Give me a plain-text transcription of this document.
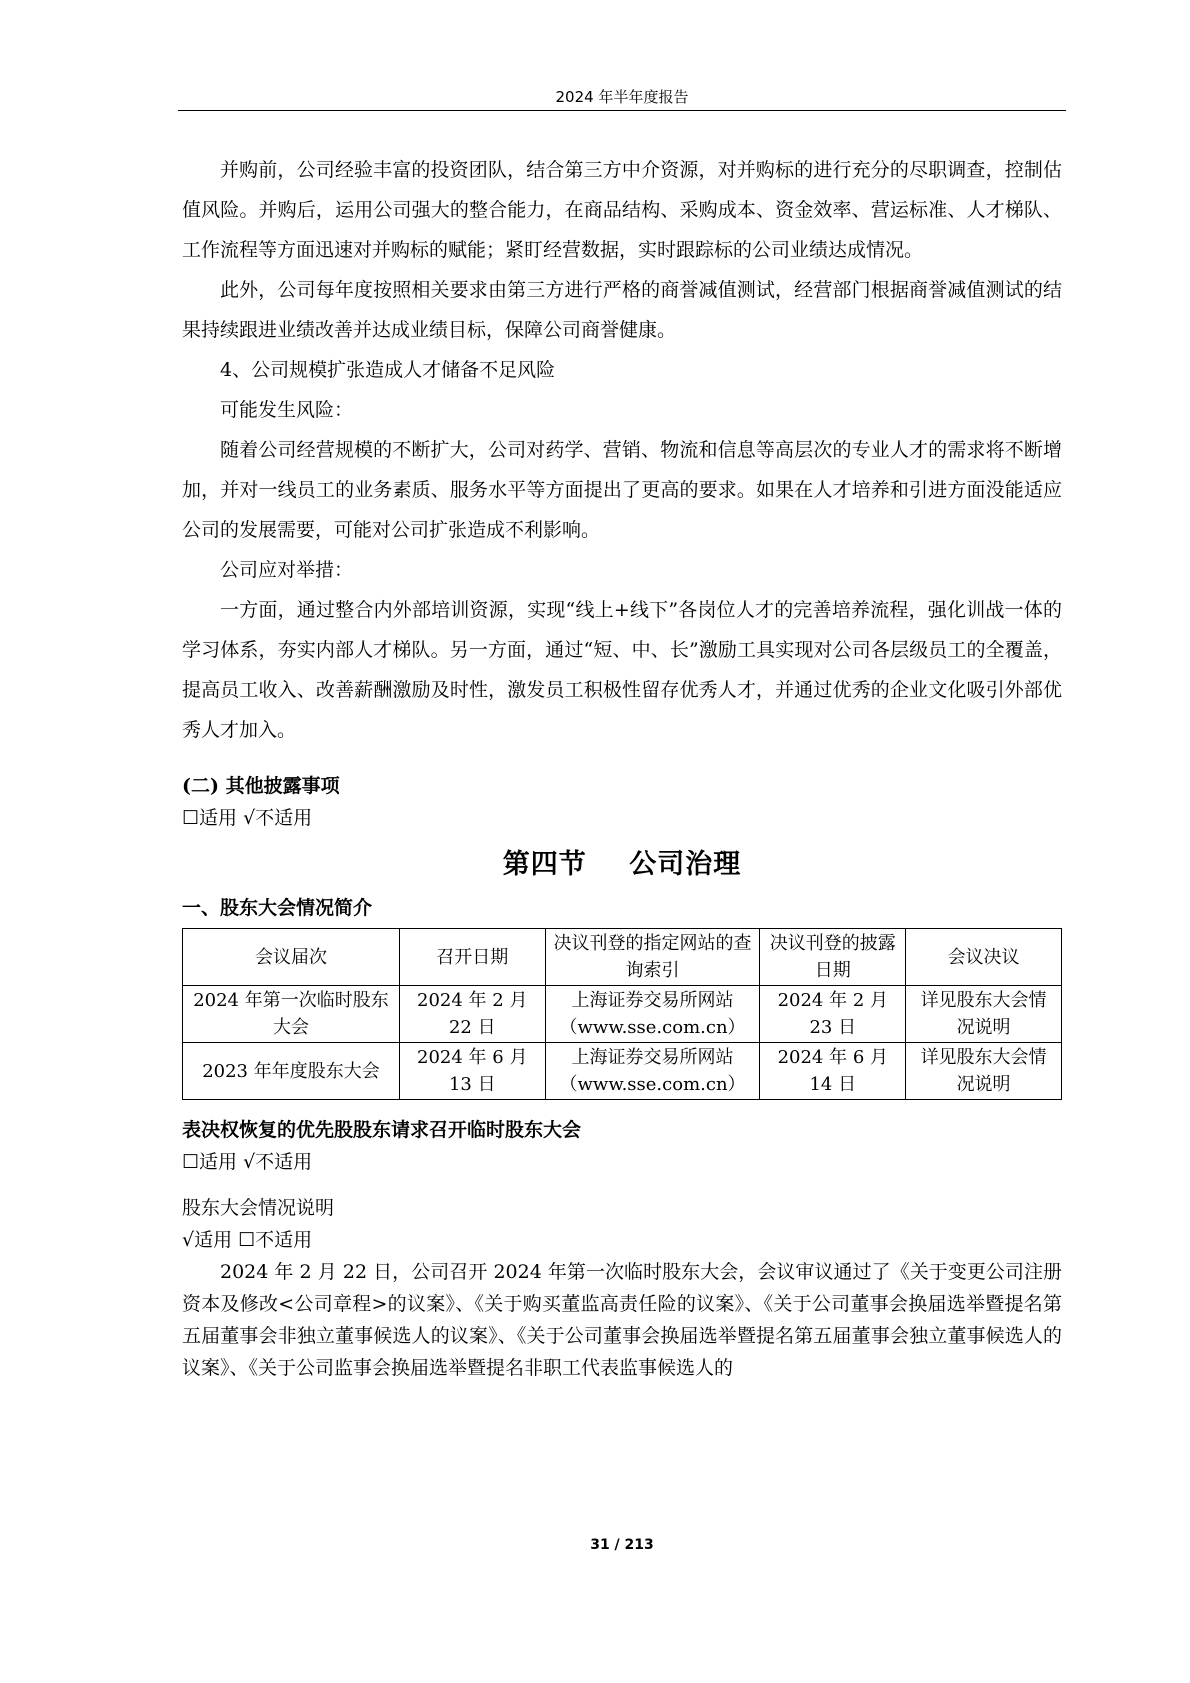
2024 年半年度报告

并购前，公司经验丰富的投资团队，结合第三方中介资源，对并购标的进行充分的尽职调查，控制估值风险。并购后，运用公司强大的整合能力，在商品结构、采购成本、资金效率、营运标准、人才梯队、工作流程等方面迅速对并购标的赋能；紧盯经营数据，实时跟踪标的公司业绩达成情况。

此外，公司每年度按照相关要求由第三方进行严格的商誉减值测试，经营部门根据商誉减值测试的结果持续跟进业绩改善并达成业绩目标，保障公司商誉健康。

4、公司规模扩张造成人才储备不足风险

可能发生风险：

随着公司经营规模的不断扩大，公司对药学、营销、物流和信息等高层次的专业人才的需求将不断增加，并对一线员工的业务素质、服务水平等方面提出了更高的要求。如果在人才培养和引进方面没能适应公司的发展需要，可能对公司扩张造成不利影响。

公司应对举措：

一方面，通过整合内外部培训资源，实现“线上+线下”各岗位人才的完善培养流程，强化训战一体的学习体系，夯实内部人才梯队。另一方面，通过“短、中、长”激励工具实现对公司各层级员工的全覆盖，提高员工收入、改善薪酬激励及时性，激发员工积极性留存优秀人才，并通过优秀的企业文化吸引外部优秀人才加入。

(二) 其他披露事项

☐适用 √不适用

第四节 公司治理

一、股东大会情况简介

会议届次	召开日期	决议刊登的指定网站的查询索引	决议刊登的披露日期	会议决议
2024 年第一次临时股东大会	2024 年 2 月 22 日	上海证券交易所网站（www.sse.com.cn）	2024 年 2 月 23 日	详见股东大会情况说明
2023 年年度股东大会	2024 年 6 月 13 日	上海证券交易所网站（www.sse.com.cn）	2024 年 6 月 14 日	详见股东大会情况说明

表决权恢复的优先股股东请求召开临时股东大会

☐适用 √不适用

股东大会情况说明

√适用 ☐不适用

2024 年 2 月 22 日，公司召开 2024 年第一次临时股东大会，会议审议通过了《关于变更公司注册资本及修改<公司章程>的议案》、《关于购买董监高责任险的议案》、《关于公司董事会换届选举暨提名第五届董事会非独立董事候选人的议案》、《关于公司董事会换届选举暨提名第五届董事会独立董事候选人的议案》、《关于公司监事会换届选举暨提名非职工代表监事候选人的

31 / 213
